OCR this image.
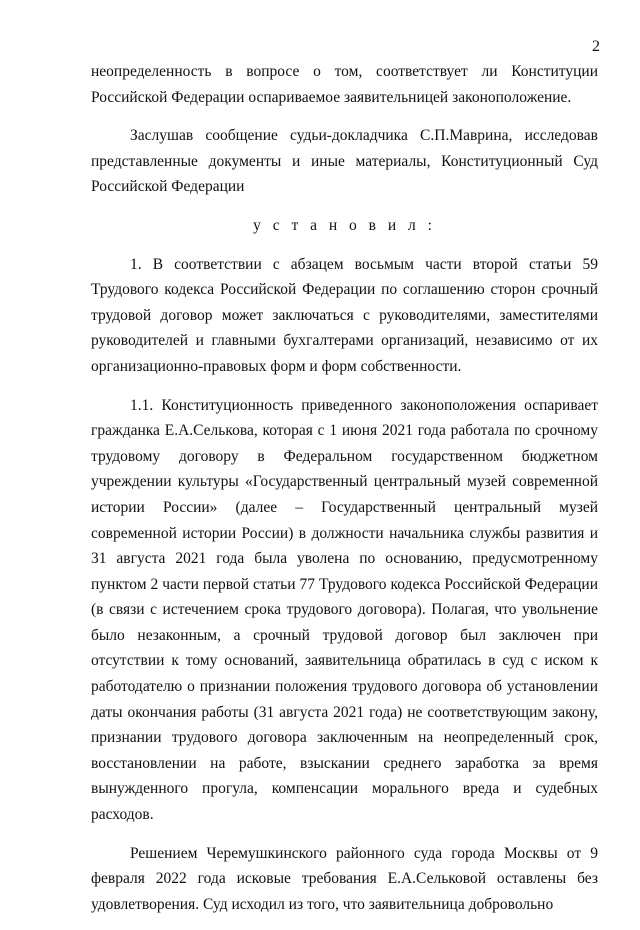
2

неопределенность в вопросе о том, соответствует ли Конституции Российской Федерации оспариваемое заявительницей законоположение.

Заслушав сообщение судьи-докладчика С.П.Маврина, исследовав представленные документы и иные материалы, Конституционный Суд Российской Федерации

у с т а н о в и л :

1. В соответствии с абзацем восьмым части второй статьи 59 Трудового кодекса Российской Федерации по соглашению сторон срочный трудовой договор может заключаться с руководителями, заместителями руководителей и главными бухгалтерами организаций, независимо от их организационно-правовых форм и форм собственности.

1.1. Конституционность приведенного законоположения оспаривает гражданка Е.А.Селькова, которая с 1 июня 2021 года работала по срочному трудовому договору в Федеральном государственном бюджетном учреждении культуры «Государственный центральный музей современной истории России» (далее – Государственный центральный музей современной истории России) в должности начальника службы развития и 31 августа 2021 года была уволена по основанию, предусмотренному пунктом 2 части первой статьи 77 Трудового кодекса Российской Федерации (в связи с истечением срока трудового договора). Полагая, что увольнение было незаконным, а срочный трудовой договор был заключен при отсутствии к тому оснований, заявительница обратилась в суд с иском к работодателю о признании положения трудового договора об установлении даты окончания работы (31 августа 2021 года) не соответствующим закону, признании трудового договора заключенным на неопределенный срок, восстановлении на работе, взыскании среднего заработка за время вынужденного прогула, компенсации морального вреда и судебных расходов.

Решением Черемушкинского районного суда города Москвы от 9 февраля 2022 года исковые требования Е.А.Сельковой оставлены без удовлетворения. Суд исходил из того, что заявительница добровольно
